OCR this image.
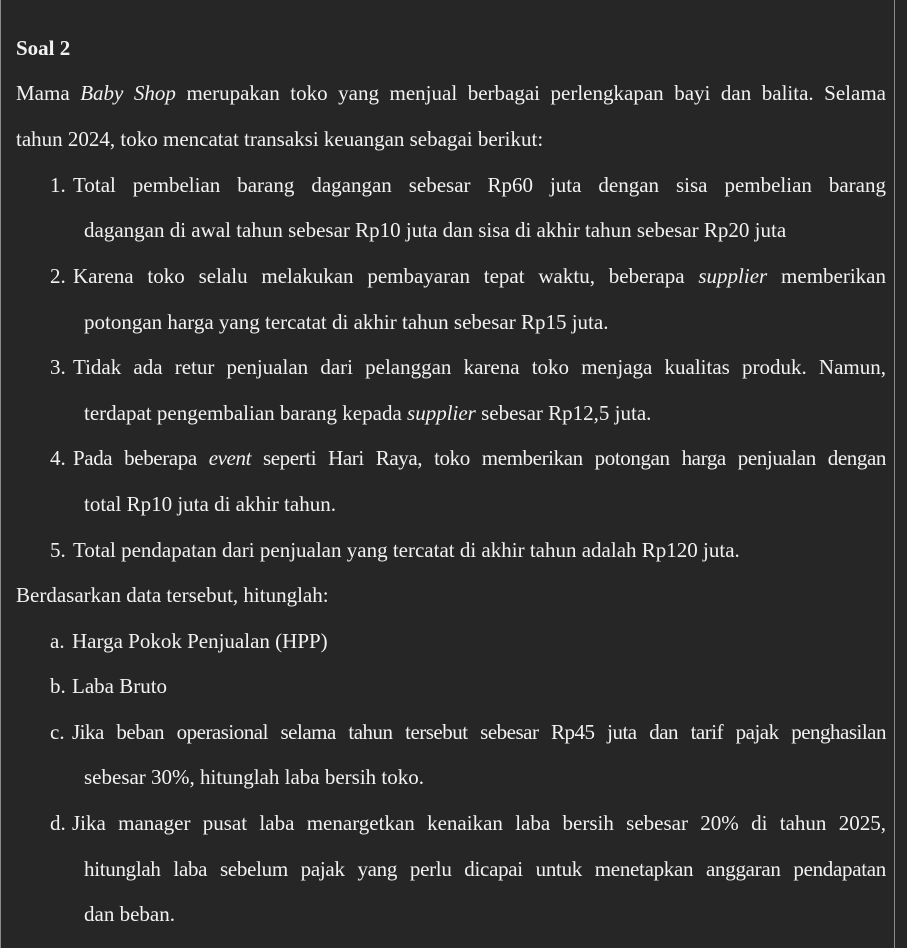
Soal 2
Mama Baby Shop merupakan toko yang menjual berbagai perlengkapan bayi dan balita. Selama
tahun 2024, toko mencatat transaksi keuangan sebagai berikut:
1. Total pembelian barang dagangan sebesar Rp60 juta dengan sisa pembelian barang
dagangan di awal tahun sebesar Rp10 juta dan sisa di akhir tahun sebesar Rp20 juta
2. Karena toko selalu melakukan pembayaran tepat waktu, beberapa supplier memberikan
potongan harga yang tercatat di akhir tahun sebesar Rp15 juta.
3. Tidak ada retur penjualan dari pelanggan karena toko menjaga kualitas produk. Namun,
terdapat pengembalian barang kepada supplier sebesar Rp12,5 juta.
4. Pada beberapa event seperti Hari Raya, toko memberikan potongan harga penjualan dengan
total Rp10 juta di akhir tahun.
5. Total pendapatan dari penjualan yang tercatat di akhir tahun adalah Rp120 juta.
Berdasarkan data tersebut, hitunglah:
a. Harga Pokok Penjualan (HPP)
b. Laba Bruto
c. Jika beban operasional selama tahun tersebut sebesar Rp45 juta dan tarif pajak penghasilan
sebesar 30%, hitunglah laba bersih toko.
d. Jika manager pusat laba menargetkan kenaikan laba bersih sebesar 20% di tahun 2025,
hitunglah laba sebelum pajak yang perlu dicapai untuk menetapkan anggaran pendapatan
dan beban.
